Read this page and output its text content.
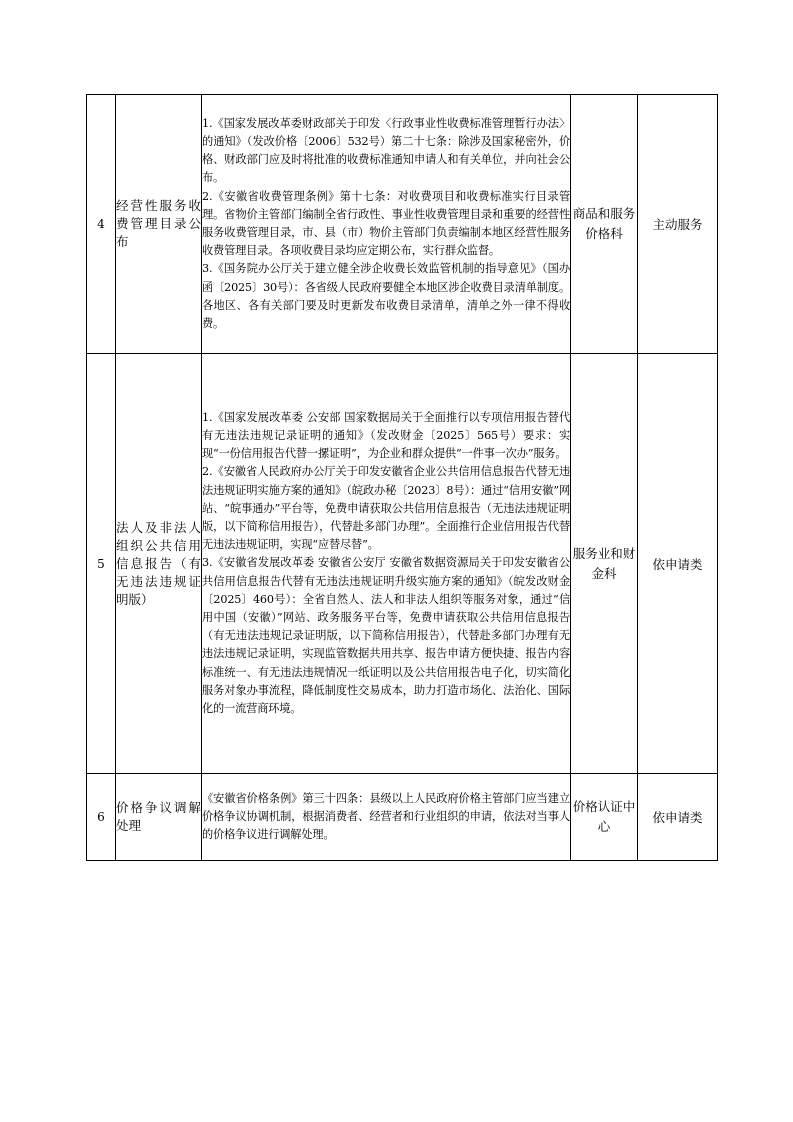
4	经营性服务收费管理目录公布	1.《国家发展改革委财政部关于印发〈行政事业性收费标准管理暂行办法〉的通知》（发改价格〔2006〕532号）第二十七条：除涉及国家秘密外，价格、财政部门应及时将批准的收费标准通知申请人和有关单位，并向社会公布。

2.《安徽省收费管理条例》第十七条：对收费项目和收费标准实行目录管理。省物价主管部门编制全省行政性、事业性收费管理目录和重要的经营性服务收费管理目录，市、县（市）物价主管部门负责编制本地区经营性服务收费管理目录。各项收费目录均应定期公布，实行群众监督。

3.《国务院办公厅关于建立健全涉企收费长效监管机制的指导意见》（国办函〔2025〕30号）：各省级人民政府要健全本地区涉企收费目录清单制度。各地区、各有关部门要及时更新发布收费目录清单，清单之外一律不得收费。	商品和服务价格科	主动服务
5	法人及非法人组织公共信用信息报告（有无违法违规证明版）	1.《国家发展改革委 公安部 国家数据局关于全面推行以专项信用报告替代有无违法违规记录证明的通知》（发改财金〔2025〕565号）要求：实现“一份信用报告代替一摞证明”，为企业和群众提供“一件事一次办”服务。

2.《安徽省人民政府办公厅关于印发安徽省企业公共信用信息报告代替无违法违规证明实施方案的通知》（皖政办秘〔2023〕8号）：通过“信用安徽”网站、“皖事通办”平台等，免费申请获取公共信用信息报告（无违法违规证明版，以下简称信用报告），代替赴多部门办理”。全面推行企业信用报告代替无违法违规证明，实现“应替尽替”。

3.《安徽省发展改革委 安徽省公安厅 安徽省数据资源局关于印发安徽省公共信用信息报告代替有无违法违规证明升级实施方案的通知》（皖发改财金〔2025〕460号）：全省自然人、法人和非法人组织等服务对象，通过“信用中国（安徽）”网站、政务服务平台等，免费申请获取公共信用信息报告（有无违法违规记录证明版，以下简称信用报告），代替赴多部门办理有无违法违规记录证明，实现监管数据共用共享、报告申请方便快捷、报告内容标准统一、有无违法违规情况一纸证明以及公共信用报告电子化，切实简化服务对象办事流程，降低制度性交易成本，助力打造市场化、法治化、国际化的一流营商环境。	服务业和财金科	依申请类
6	价格争议调解处理	《安徽省价格条例》第三十四条：县级以上人民政府价格主管部门应当建立价格争议协调机制，根据消费者、经营者和行业组织的申请，依法对当事人的价格争议进行调解处理。	价格认证中心	依申请类
